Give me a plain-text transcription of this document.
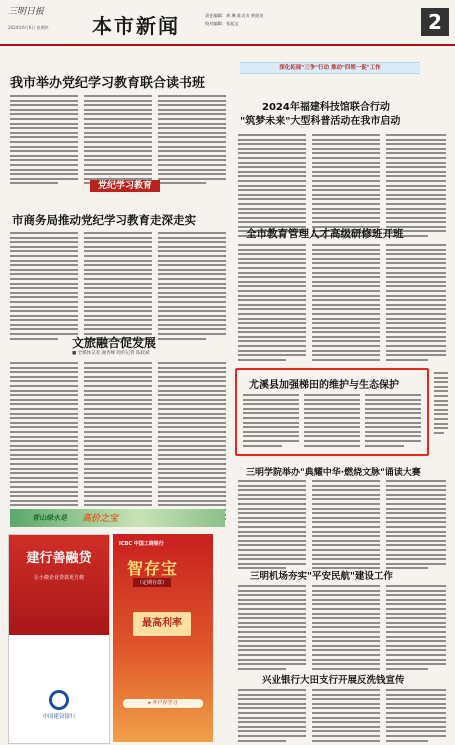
三明日报
2024年6月6日 星期四 本市新闻	责任编辑：黄 琳 陈贞贞 黄贤英
校对编辑：张起宝	2
我市举办党纪学习教育联合读书班
党纪学习教育
市商务局推动党纪学习教育走深走实
文旅融合促发展
■ 全媒体记者 谢秀峰 特约记者 陈政斌
青山绿水是 高价之宝
建行善融贷
让小微企业贷款更方便
中国建设银行
ICBC 中国工商银行
智存宝
（定期存款）
最高利率
▸ 开户存学习
深化拓展"三争"行动 推动"四领一促"工作
2024年福建科技馆联合行动
"筑梦未来"大型科普活动在我市启动
全市教育管理人才高级研修班开班
尤溪县加强梯田的维护与生态保护
三明学院举办"典耀中华·燃烧文脉"诵读大赛
三明机场夯实"平安民航"建设工作
兴业银行大田支行开展反洗钱宣传
